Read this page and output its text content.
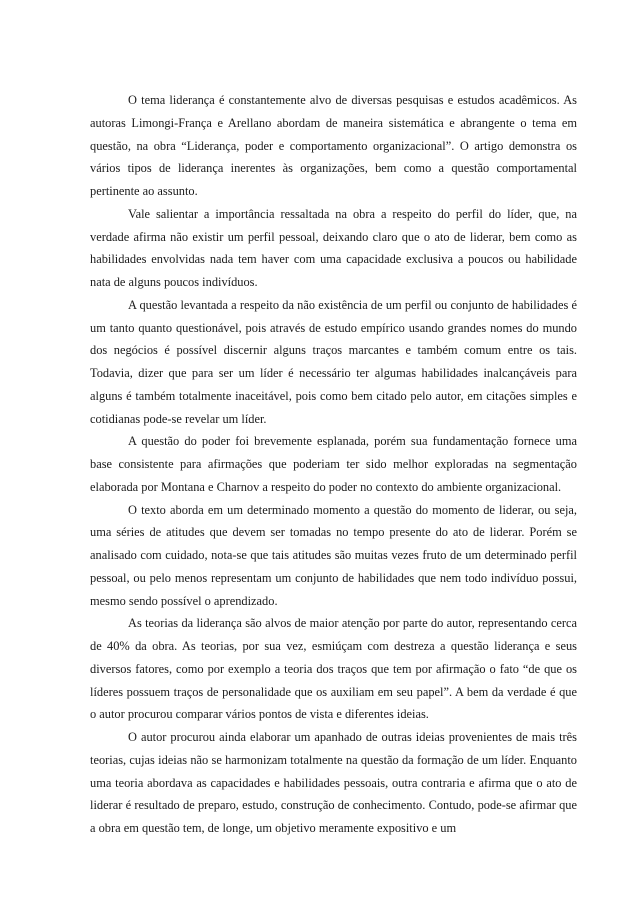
O tema liderança é constantemente alvo de diversas pesquisas e estudos acadêmicos. As autoras Limongi-França e Arellano abordam de maneira sistemática e abrangente o tema em questão, na obra “Liderança, poder e comportamento organizacional”. O artigo demonstra os vários tipos de liderança inerentes às organizações, bem como a questão comportamental pertinente ao assunto.

Vale salientar a importância ressaltada na obra a respeito do perfil do líder, que, na verdade afirma não existir um perfil pessoal, deixando claro que o ato de liderar, bem como as habilidades envolvidas nada tem haver com uma capacidade exclusiva a poucos ou habilidade nata de alguns poucos indivíduos.

A questão levantada a respeito da não existência de um perfil ou conjunto de habilidades é um tanto quanto questionável, pois através de estudo empírico usando grandes nomes do mundo dos negócios é possível discernir alguns traços marcantes e também comum entre os tais. Todavia, dizer que para ser um líder é necessário ter algumas habilidades inalcançáveis para alguns é também totalmente inaceitável, pois como bem citado pelo autor, em citações simples e cotidianas pode-se revelar um líder.

A questão do poder foi brevemente esplanada, porém sua fundamentação fornece uma base consistente para afirmações que poderiam ter sido melhor exploradas na segmentação elaborada por Montana e Charnov a respeito do poder no contexto do ambiente organizacional.

O texto aborda em um determinado momento a questão do momento de liderar, ou seja, uma séries de atitudes que devem ser tomadas no tempo presente do ato de liderar. Porém se analisado com cuidado, nota-se que tais atitudes são muitas vezes fruto de um determinado perfil pessoal, ou pelo menos representam um conjunto de habilidades que nem todo indivíduo possui, mesmo sendo possível o aprendizado.

As teorias da liderança são alvos de maior atenção por parte do autor, representando cerca de 40% da obra. As teorias, por sua vez, esmiúçam com destreza a questão liderança e seus diversos fatores, como por exemplo a teoria dos traços que tem por afirmação o fato “de que os líderes possuem traços de personalidade que os auxiliam em seu papel”. A bem da verdade é que o autor procurou comparar vários pontos de vista e diferentes ideias.

O autor procurou ainda elaborar um apanhado de outras ideias provenientes de mais três teorias, cujas ideias não se harmonizam totalmente na questão da formação de um líder. Enquanto uma teoria abordava as capacidades e habilidades pessoais, outra contraria e afirma que o ato de liderar é resultado de preparo, estudo, construção de conhecimento. Contudo, pode-se afirmar que a obra em questão tem, de longe, um objetivo meramente expositivo e um
